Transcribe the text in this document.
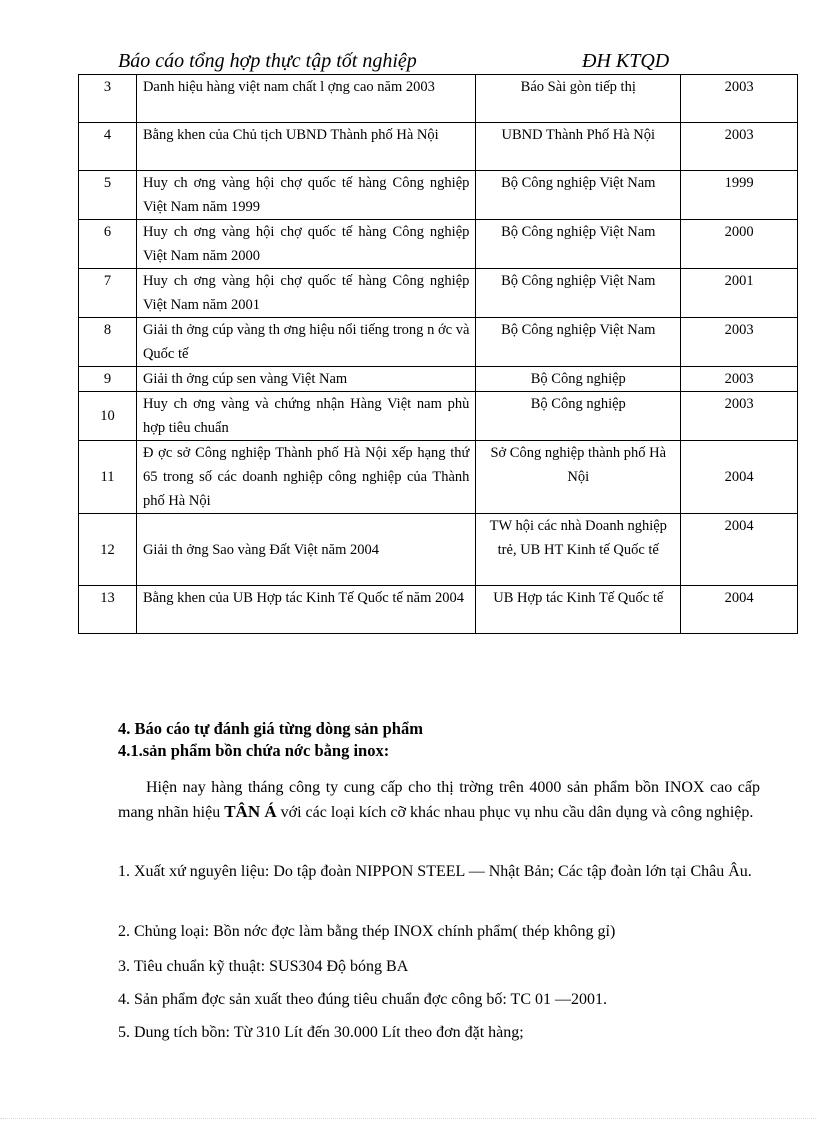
Báo cáo tổng hợp thực tập tốt nghiệp	ĐH KTQD
3	Danh hiệu hàng việt nam chất l ợng cao năm 2003	Báo Sài gòn tiếp thị	2003
4	Bằng khen của Chủ tịch UBND Thành phố Hà Nội	UBND Thành Phố Hà Nội	2003
5	Huy ch ơng vàng hội chợ quốc tế hàng Công nghiệp Việt Nam năm 1999	Bộ Công nghiệp Việt Nam	1999
6	Huy ch ơng vàng hội chợ quốc tế hàng Công nghiệp Việt Nam năm 2000	Bộ Công nghiệp Việt Nam	2000
7	Huy ch ơng vàng hội chợ quốc tế hàng Công nghiệp Việt Nam năm 2001	Bộ Công nghiệp Việt Nam	2001
8	Giải th ởng cúp vàng th ơng hiệu nổi tiếng trong n ớc và Quốc tế	Bộ Công nghiệp Việt Nam	2003
9	Giải th ởng cúp sen vàng Việt Nam	Bộ Công nghiệp	2003
10	Huy ch ơng vàng và chứng nhận Hàng Việt nam phù hợp tiêu chuẩn	Bộ Công nghiệp	2003
11	Đ ợc sở Công nghiệp Thành phố Hà Nội xếp hạng thứ 65 trong số các doanh nghiệp công nghiệp của Thành phố Hà Nội	Sở Công nghiệp thành phố Hà Nội	2004
12	Giải th ởng Sao vàng Đất Việt năm 2004	TW hội các nhà Doanh nghiệp trẻ, UB HT Kinh tế Quốc tế	2004
13	Bằng khen của UB Hợp tác Kinh Tế Quốc tế năm 2004	UB Hợp tác Kinh Tế Quốc tế	2004
4. Báo cáo tự đánh giá từng dòng sản phẩm
4.1.sản phẩm bồn chứa nớc bằng inox:
Hiện nay hàng tháng công ty cung cấp cho thị trờng trên 4000 sản phẩm bồn INOX cao cấp mang nhãn hiệu TÂN Á với các loại kích cỡ khác nhau phục vụ nhu cầu dân dụng và công nghiệp.
1. Xuất xứ nguyên liệu: Do tập đoàn NIPPON STEEL — Nhật Bản; Các tập đoàn lớn tại Châu Âu.
2. Chủng loại: Bồn nớc đợc làm bằng thép INOX chính phẩm( thép không gỉ)
3. Tiêu chuẩn kỹ thuật: SUS304 Độ bóng BA
4. Sản phẩm đợc sản xuất theo đúng tiêu chuẩn đợc công bố: TC 01 —2001.
5. Dung tích bồn: Từ 310 Lít đến 30.000 Lít theo đơn đặt hàng;
